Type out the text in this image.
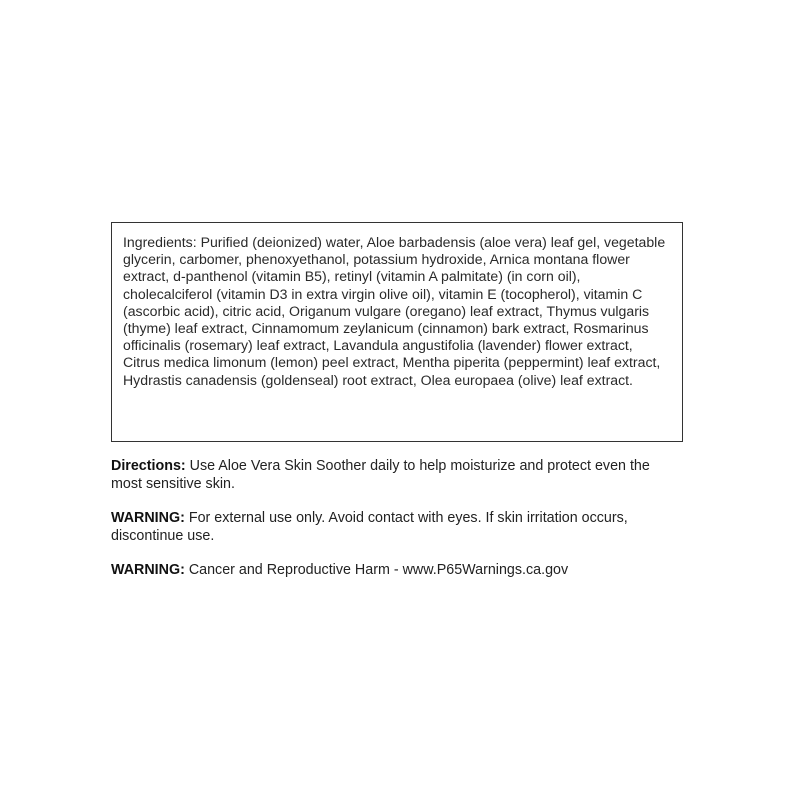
Ingredients: Purified (deionized) water, Aloe barbadensis (aloe vera) leaf gel, vegetable glycerin, carbomer, phenoxyethanol, potassium hydroxide, Arnica montana flower extract, d-panthenol (vitamin B5), retinyl (vitamin A palmitate) (in corn oil), cholecalciferol (vitamin D3 in extra virgin olive oil), vitamin E (tocopherol), vitamin C (ascorbic acid), citric acid, Origanum vulgare (oregano) leaf extract, Thymus vulgaris (thyme) leaf extract, Cinnamomum zeylanicum (cinnamon) bark extract, Rosmarinus officinalis (rosemary) leaf extract, Lavandula angustifolia (lavender) flower extract, Citrus medica limonum (lemon) peel extract, Mentha piperita (peppermint) leaf extract, Hydrastis canadensis (goldenseal) root extract, Olea europaea (olive) leaf extract.

Directions: Use Aloe Vera Skin Soother daily to help moisturize and protect even the most sensitive skin.

WARNING: For external use only. Avoid contact with eyes. If skin irritation occurs, discontinue use.

WARNING: Cancer and Reproductive Harm - www.P65Warnings.ca.gov
